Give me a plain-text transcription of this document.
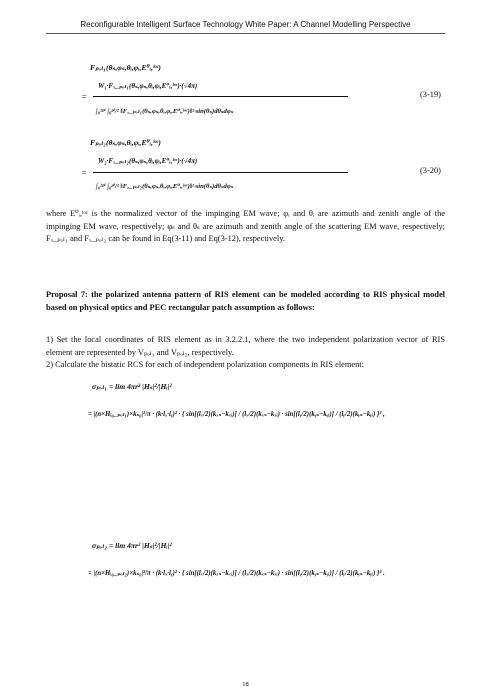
Reconfigurable Intelligent Surface Technology White Paper: A Channel Modelling Perspective
Fₚₒₗ₁(θₛ,φₛ,θᵢ,φᵢ,E⁰ᵢ,ˡᵒᶜ)
W₁·Fₓ_ₚₒₗ₁(θₛ,φₛ,θᵢ,φᵢ,E⁰ᵢ,ˡᵒᶜ)·(√4π)
=
∫₀²ᵖⁱ ∫₀ᵖⁱ/² ‖Fₓ_ₚₒₗ₁(θₛ,φₛ,θᵢ,φᵢ,E⁰ᵢ,ˡᵒᶜ)‖²·sin(θₛ)dθₛdφₛ
(3-19)
Fₚₒₗ₂(θₛ,φₛ,θᵢ,φᵢ,E⁰ᵢ,ˡᵒᶜ)
W₂·Fₓ_ₚₒₗ₂(θₛ,φₛ,θᵢ,φᵢ,E⁰ᵢ,ˡᵒᶜ)·(√4π)
=
∫₀²ᵖⁱ ∫₀ᵖⁱ/² ‖Fₓ_ₚₒₗ₂(θₛ,φₛ,θᵢ,φᵢ,E⁰ᵢ,ˡᵒᶜ)‖²·sin(θₛ)dθₛdφₛ
(3-20)
where E⁰ᵢ,ˡᵒᶜ is the normalized vector of the impinging EM wave; φᵢ and θᵢ are azimuth and zenith angle of the impinging EM wave, respectively; φₛ and θₛ are azimuth and zenith angle of the scattering EM wave, respectively; Fₓ_ₚₒₗ₁ and Fₓ_ₚₒₗ₂ can be found in Eq(3-11) and Eq(3-12), respectively.
Proposal 7: the polarized antenna pattern of RIS element can be modeled according to RIS physical model based on physical optics and PEC rectangular patch assumption as follows:
1) Set the local coordinates of RIS element as in 3.2.2.1, where the two independent polarization vector of RIS element are represented by Vₚₒₗ₁ and Vₚₒₗ₂, respectively.
2) Calculate the bistatic RCS for each of independent polarization components in RIS element:
σₚₒₗ₁ = lim 4πr² |Hₛ|²/|Hᵢ|²
= |(n×Hᵢ₀_ₚₒₗ₁)×kₛ₀|²/π · (k·lₓ·lᵧ)² · { sin[(lₓ/2)(kₓₛ−kₓᵢ)] / (lₓ/2)(kₓₛ−kₓᵢ) · sin[(lᵧ/2)(kᵧₛ−kᵧᵢ)] / (lᵧ/2)(kᵧₛ−kᵧᵢ) }² ,
σₚₒₗ₂ = lim 4πr² |Hₛ|²/|Hᵢ|²
= |(n×Hᵢ₀_ₚₒₗ₂)×kₛ₀|²/π · (k·lₓ·lᵧ)² · { sin[(lₓ/2)(kₓₛ−kₓᵢ)] / (lₓ/2)(kₓₛ−kₓᵢ) · sin[(lᵧ/2)(kᵧₛ−kᵧᵢ)] / (lᵧ/2)(kᵧₛ−kᵧᵢ) }² .
18
